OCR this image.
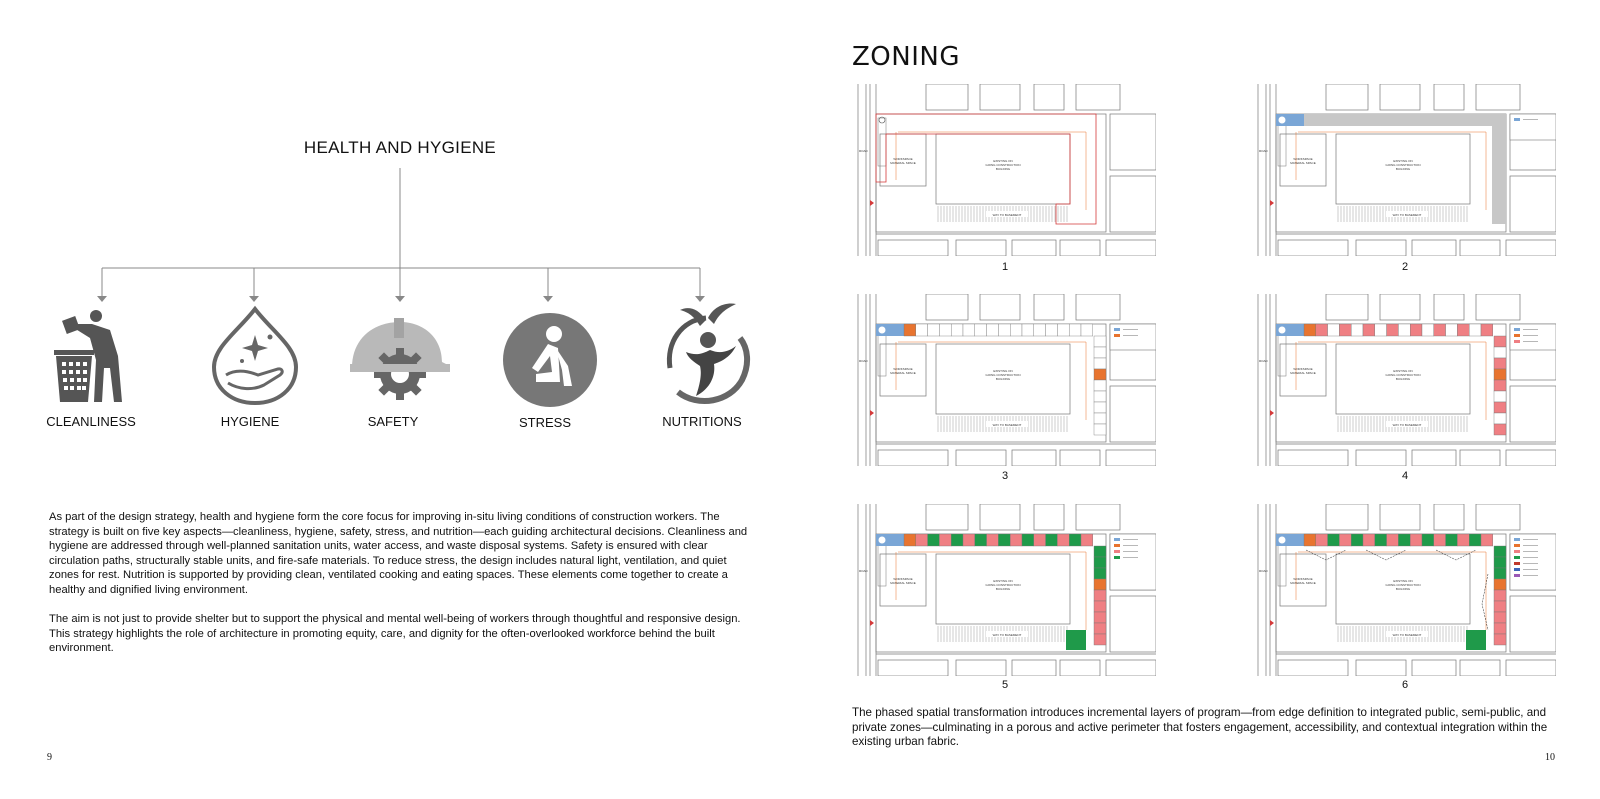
HEALTH AND HYGIENE
CLEANLINESS	HYGIENE	SAFETY	STRESS	NUTRITIONS
As part of the design strategy, health and hygiene form the core focus for improving in-situ living conditions of construction workers. The strategy is built on five key aspects—cleanliness, hygiene, safety, stress, and nutrition—each guiding architectural decisions. Cleanliness and hygiene are addressed through well-planned sanitation units, water access, and waste disposal systems. Safety is ensured with clear circulation paths, structurally stable units, and fire-safe materials. To reduce stress, the design includes natural light, ventilation, and quiet zones for rest. Nutrition is supported by providing clean, ventilated cooking and eating spaces. These elements come together to create a healthy and dignified living environment.
The aim is not just to provide shelter but to support the physical and mental well-being of workers through thoughtful and responsive design. This strategy highlights the role of architecture in promoting equity, care, and dignity for the often-overlooked workforce behind the built environment.
9
ZONING
ROAD
WORKSPACE
MATERIAL SPACE	EXISTING ON
GOING CONSTRUCTION
BUILDING
WAY TO BASEMENT
ROAD
WORKSPACE
MATERIAL SPACE	EXISTING ON
GOING CONSTRUCTION
BUILDING
WAY TO BASEMENT
ROAD
WORKSPACE
MATERIAL SPACE	EXISTING ON
GOING CONSTRUCTION
BUILDING
WAY TO BASEMENT
ROAD
WORKSPACE
MATERIAL SPACE	EXISTING ON
GOING CONSTRUCTION
BUILDING
WAY TO BASEMENT
ROAD
WORKSPACE
MATERIAL SPACE	EXISTING ON
GOING CONSTRUCTION
BUILDING
WAY TO BASEMENT
ROAD
WORKSPACE
MATERIAL SPACE	EXISTING ON
GOING CONSTRUCTION
BUILDING
WAY TO BASEMENT
1	2
3	4
5	6
The phased spatial transformation introduces incremental layers of program—from edge definition to integrated public, semi-public, and private zones—culminating in a porous and active perimeter that fosters engagement, accessibility, and contextual integration within the existing urban fabric.
10
